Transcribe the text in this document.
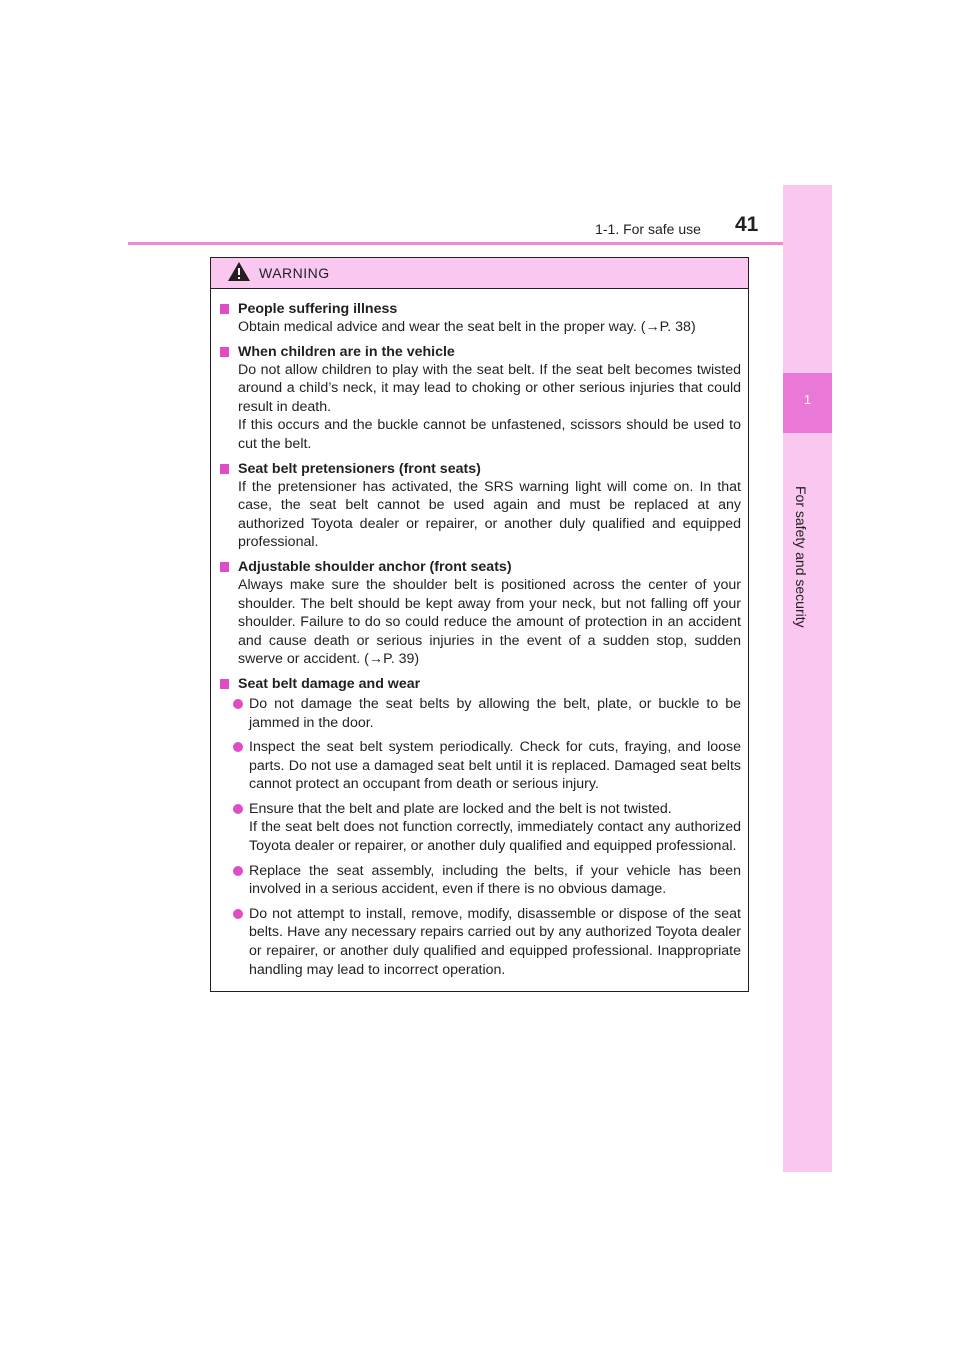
1-1. For safe use	41
1
For safety and security
WARNING
People suffering illness
Obtain medical advice and wear the seat belt in the proper way. (→P. 38)
When children are in the vehicle
Do not allow children to play with the seat belt. If the seat belt becomes twisted around a child’s neck, it may lead to choking or other serious injuries that could result in death.
If this occurs and the buckle cannot be unfastened, scissors should be used to cut the belt.
Seat belt pretensioners (front seats)
If the pretensioner has activated, the SRS warning light will come on. In that case, the seat belt cannot be used again and must be replaced at any authorized Toyota dealer or repairer, or another duly qualified and equipped professional.
Adjustable shoulder anchor (front seats)
Always make sure the shoulder belt is positioned across the center of your shoulder. The belt should be kept away from your neck, but not falling off your shoulder. Failure to do so could reduce the amount of protection in an accident and cause death or serious injuries in the event of a sudden stop, sudden swerve or accident. (→P. 39)
Seat belt damage and wear
Do not damage the seat belts by allowing the belt, plate, or buckle to be jammed in the door.
Inspect the seat belt system periodically. Check for cuts, fraying, and loose parts. Do not use a damaged seat belt until it is replaced. Damaged seat belts cannot protect an occupant from death or serious injury.
Ensure that the belt and plate are locked and the belt is not twisted.
If the seat belt does not function correctly, immediately contact any authorized Toyota dealer or repairer, or another duly qualified and equipped professional.
Replace the seat assembly, including the belts, if your vehicle has been involved in a serious accident, even if there is no obvious damage.
Do not attempt to install, remove, modify, disassemble or dispose of the seat belts. Have any necessary repairs carried out by any authorized Toyota dealer or repairer, or another duly qualified and equipped professional. Inappropriate handling may lead to incorrect operation.
